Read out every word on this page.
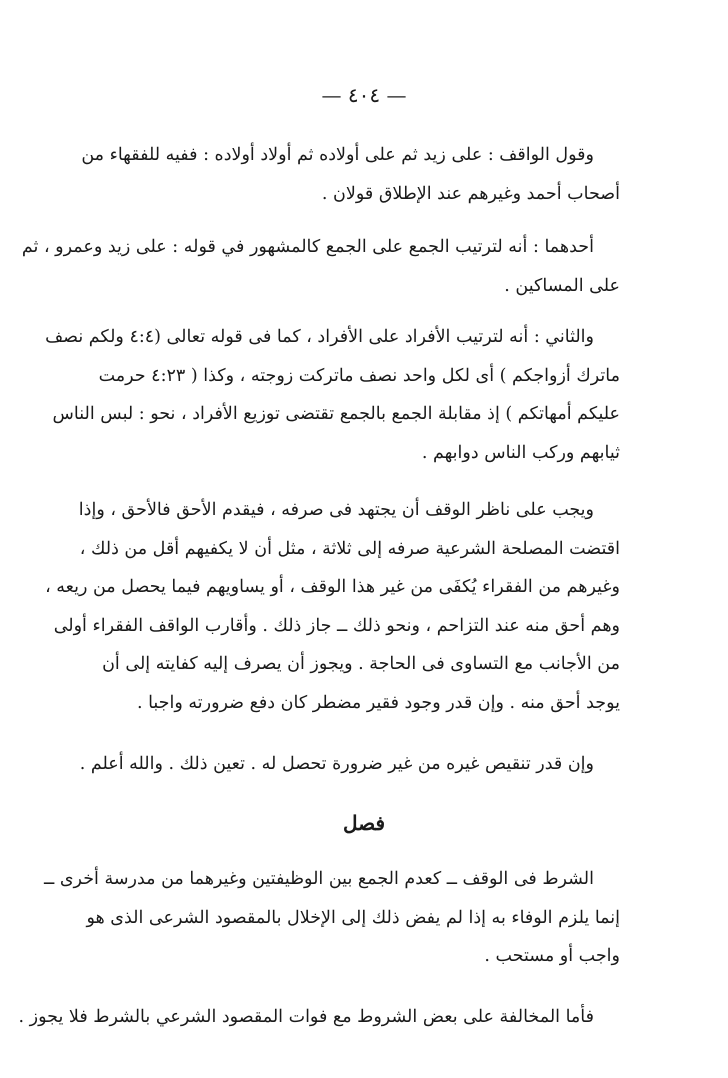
— ٤٠٤ —
وقول الواقف : على زيد ثم على أولاده ثم أولاد أولاده : ففيه للفقهاء من
أصحاب أحمد وغيرهم عند الإطلاق قولان .
أحدهما : أنه لترتيب الجمع على الجمع كالمشهور في قوله : على زيد وعمرو ، ثم
على المساكين .
والثاني : أنه لترتيب الأفراد على الأفراد ، كما فى قوله تعالى (٤:٤ ولكم نصف
ماترك أزواجكم ) أى لكل واحد نصف ماتركت زوجته ، وكذا ( ٤:٢٣ حرمت
عليكم أمهاتكم ) إذ مقابلة الجمع بالجمع تقتضى توزيع الأفراد ، نحو : لبس الناس
ثيابهم وركب الناس دوابهم .
ويجب على ناظر الوقف أن يجتهد فى صرفه ، فيقدم الأحق فالأحق ، وإذا
اقتضت المصلحة الشرعية صرفه إلى ثلاثة ، مثل أن لا يكفيهم أقل من ذلك ،
وغيرهم من الفقراء يُكفَى من غير هذا الوقف ، أو يساويهم فيما يحصل من ريعه ،
وهم أحق منه عند التزاحم ، ونحو ذلك ــ جاز ذلك . وأقارب الواقف الفقراء أولى
من الأجانب مع التساوى فى الحاجة . ويجوز أن يصرف إليه كفايته إلى أن
يوجد أحق منه . وإن قدر وجود فقير مضطر كان دفع ضرورته واجبا .
وإن قدر تنقيص غيره من غير ضرورة تحصل له . تعين ذلك . والله أعلم .
فصل
الشرط فى الوقف ــ كعدم الجمع بين الوظيفتين وغيرهما من مدرسة أخرى ــ
إنما يلزم الوفاء به إذا لم يفض ذلك إلى الإخلال بالمقصود الشرعى الذى هو
واجب أو مستحب .
فأما المخالفة على بعض الشروط مع فوات المقصود الشرعي بالشرط فلا يجوز .
